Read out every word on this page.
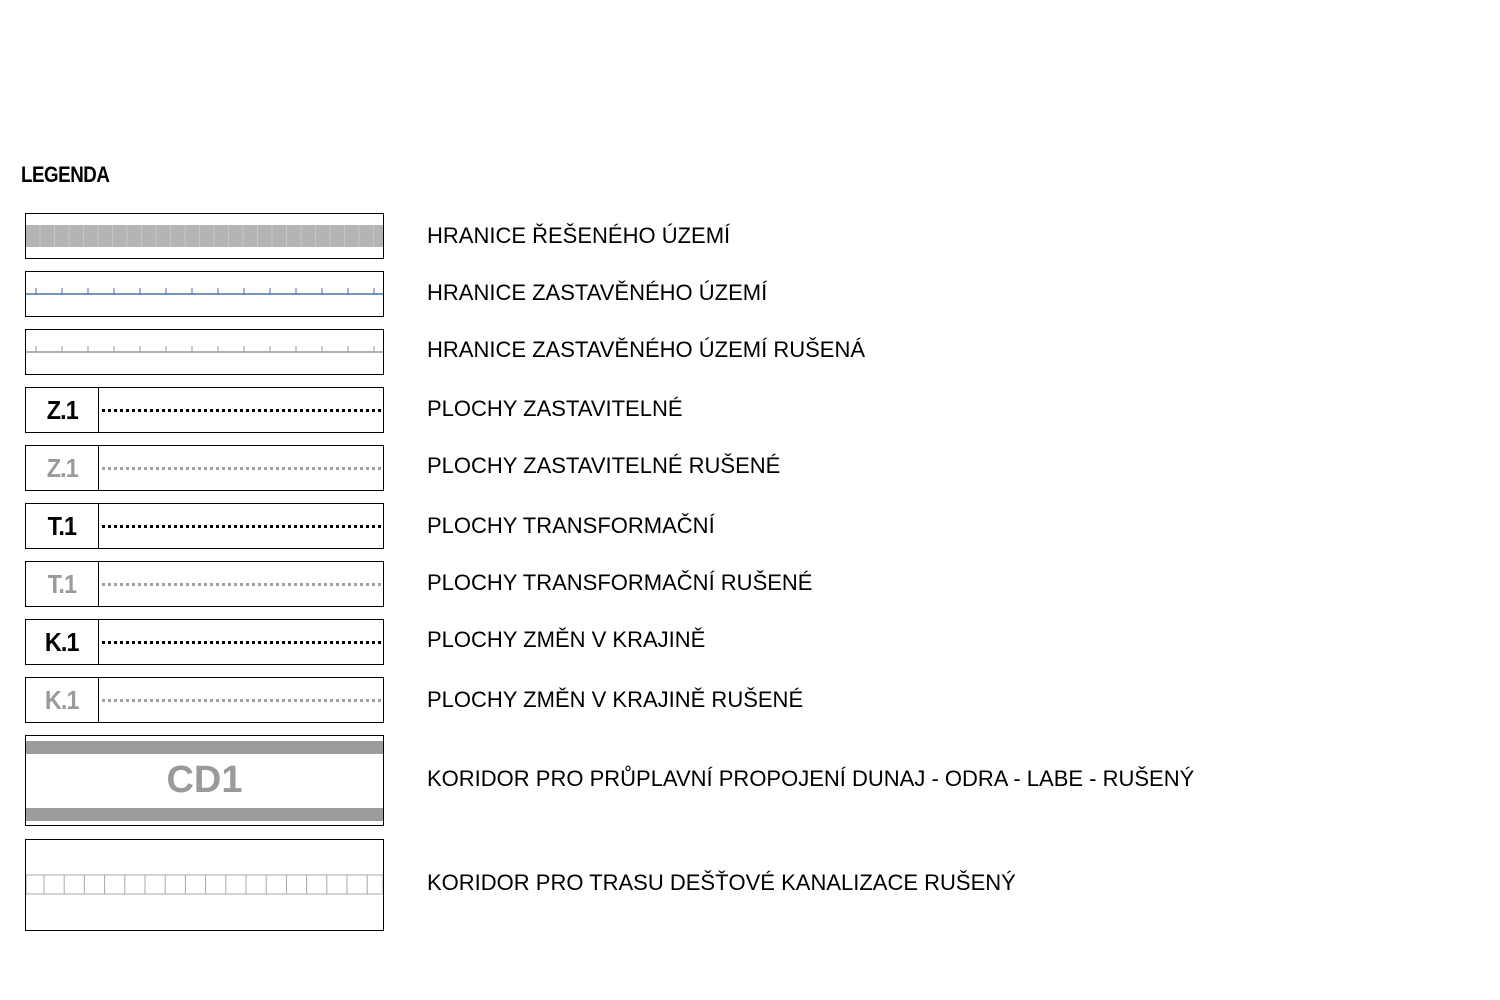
LEGENDA
HRANICE ŘEŠENÉHO ÚZEMÍ
HRANICE ZASTAVĚNÉHO ÚZEMÍ
HRANICE ZASTAVĚNÉHO ÚZEMÍ RUŠENÁ
Z.1	PLOCHY ZASTAVITELNÉ
Z.1	PLOCHY ZASTAVITELNÉ RUŠENÉ
T.1	PLOCHY TRANSFORMAČNÍ
T.1	PLOCHY TRANSFORMAČNÍ RUŠENÉ
K.1	PLOCHY ZMĚN V KRAJINĚ
K.1	PLOCHY ZMĚN V KRAJINĚ RUŠENÉ
CD1	KORIDOR PRO PRŮPLAVNÍ PROPOJENÍ DUNAJ - ODRA - LABE - RUŠENÝ
KORIDOR PRO TRASU DEŠŤOVÉ KANALIZACE RUŠENÝ
